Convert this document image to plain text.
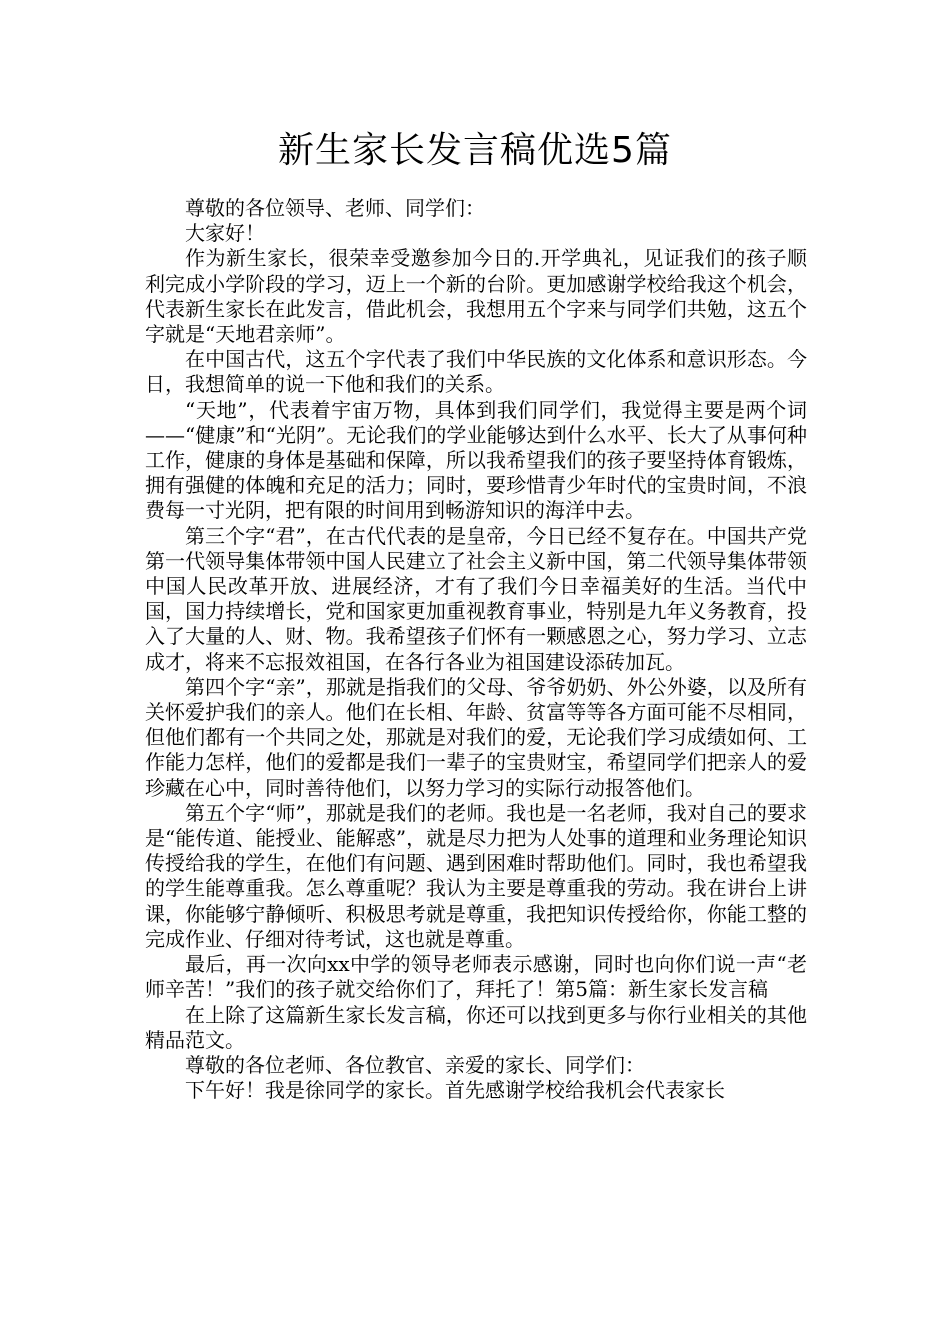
新生家长发言稿优选5篇

尊敬的各位领导、老师、同学们：

大家好！

作为新生家长，很荣幸受邀参加今日的.开学典礼，见证我们的孩子顺利完成小学阶段的学习，迈上一个新的台阶。更加感谢学校给我这个机会，代表新生家长在此发言，借此机会，我想用五个字来与同学们共勉，这五个字就是“天地君亲师”。

在中国古代，这五个字代表了我们中华民族的文化体系和意识形态。今日，我想简单的说一下他和我们的关系。

“天地”，代表着宇宙万物，具体到我们同学们，我觉得主要是两个词——“健康”和“光阴”。无论我们的学业能够达到什么水平、长大了从事何种工作，健康的身体是基础和保障，所以我希望我们的孩子要坚持体育锻炼，拥有强健的体魄和充足的活力；同时，要珍惜青少年时代的宝贵时间，不浪费每一寸光阴，把有限的时间用到畅游知识的海洋中去。

第三个字“君”，在古代代表的是皇帝，今日已经不复存在。中国共产党第一代领导集体带领中国人民建立了社会主义新中国，第二代领导集体带领中国人民改革开放、进展经济，才有了我们今日幸福美好的生活。当代中国，国力持续增长，党和国家更加重视教育事业，特别是九年义务教育，投入了大量的人、财、物。我希望孩子们怀有一颗感恩之心，努力学习、立志成才，将来不忘报效祖国，在各行各业为祖国建设添砖加瓦。

第四个字“亲”，那就是指我们的父母、爷爷奶奶、外公外婆，以及所有关怀爱护我们的亲人。他们在长相、年龄、贫富等等各方面可能不尽相同，但他们都有一个共同之处，那就是对我们的爱，无论我们学习成绩如何、工作能力怎样，他们的爱都是我们一辈子的宝贵财宝，希望同学们把亲人的爱珍藏在心中，同时善待他们，以努力学习的实际行动报答他们。

第五个字“师”，那就是我们的老师。我也是一名老师，我对自己的要求是“能传道、能授业、能解惑”，就是尽力把为人处事的道理和业务理论知识传授给我的学生，在他们有问题、遇到困难时帮助他们。同时，我也希望我的学生能尊重我。怎么尊重呢？我认为主要是尊重我的劳动。我在讲台上讲课，你能够宁静倾听、积极思考就是尊重，我把知识传授给你，你能工整的完成作业、仔细对待考试，这也就是尊重。

最后，再一次向xx中学的领导老师表示感谢，同时也向你们说一声“老师辛苦！”我们的孩子就交给你们了，拜托了！第5篇：新生家长发言稿

在上除了这篇新生家长发言稿，你还可以找到更多与你行业相关的其他精品范文。

尊敬的各位老师、各位教官、亲爱的家长、同学们：

下午好！我是徐同学的家长。首先感谢学校给我机会代表家长
